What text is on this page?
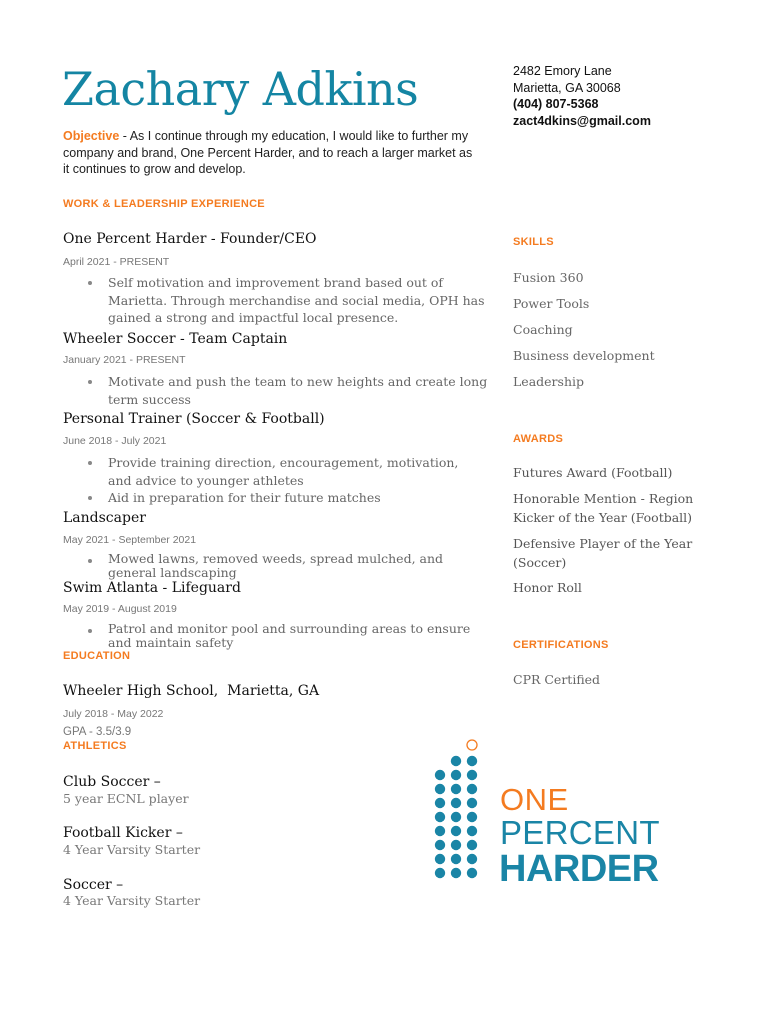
Zachary Adkins	2482 Emory Lane
Marietta, GA 30068
(404) 807-5368
zact4dkins@gmail.com
Objective - As I continue through my education, I would like to further my company and brand, One Percent Harder, and to reach a larger market as it continues to grow and develop.
WORK & LEADERSHIP EXPERIENCE
One Percent Harder - Founder/CEO
April 2021 - PRESENT
Self motivation and improvement brand based out of Marietta. Through merchandise and social media, OPH has gained a strong and impactful local presence.
Wheeler Soccer - Team Captain
January 2021 - PRESENT
Motivate and push the team to new heights and create long term success
Personal Trainer (Soccer & Football)
June 2018 - July 2021
Provide training direction, encouragement, motivation, and advice to younger athletes
Aid in preparation for their future matches
Landscaper
May 2021 - September 2021
Mowed lawns, removed weeds, spread mulched, and general landscaping
Swim Atlanta - Lifeguard
May 2019 - August 2019
Patrol and monitor pool and surrounding areas to ensure and maintain safety
EDUCATION
Wheeler High School, Marietta, GA
July 2018 - May 2022
GPA - 3.5/3.9
ATHLETICS
Club Soccer –
5 year ECNL player
Football Kicker –
4 Year Varsity Starter
Soccer –
4 Year Varsity Starter
SKILLS
Fusion 360
Power Tools
Coaching
Business development
Leadership
AWARDS
Futures Award (Football)
Honorable Mention - Region Kicker of the Year (Football)
Defensive Player of the Year (Soccer)
Honor Roll
CERTIFICATIONS
CPR Certified
ONE
PERCENT
HARDER
